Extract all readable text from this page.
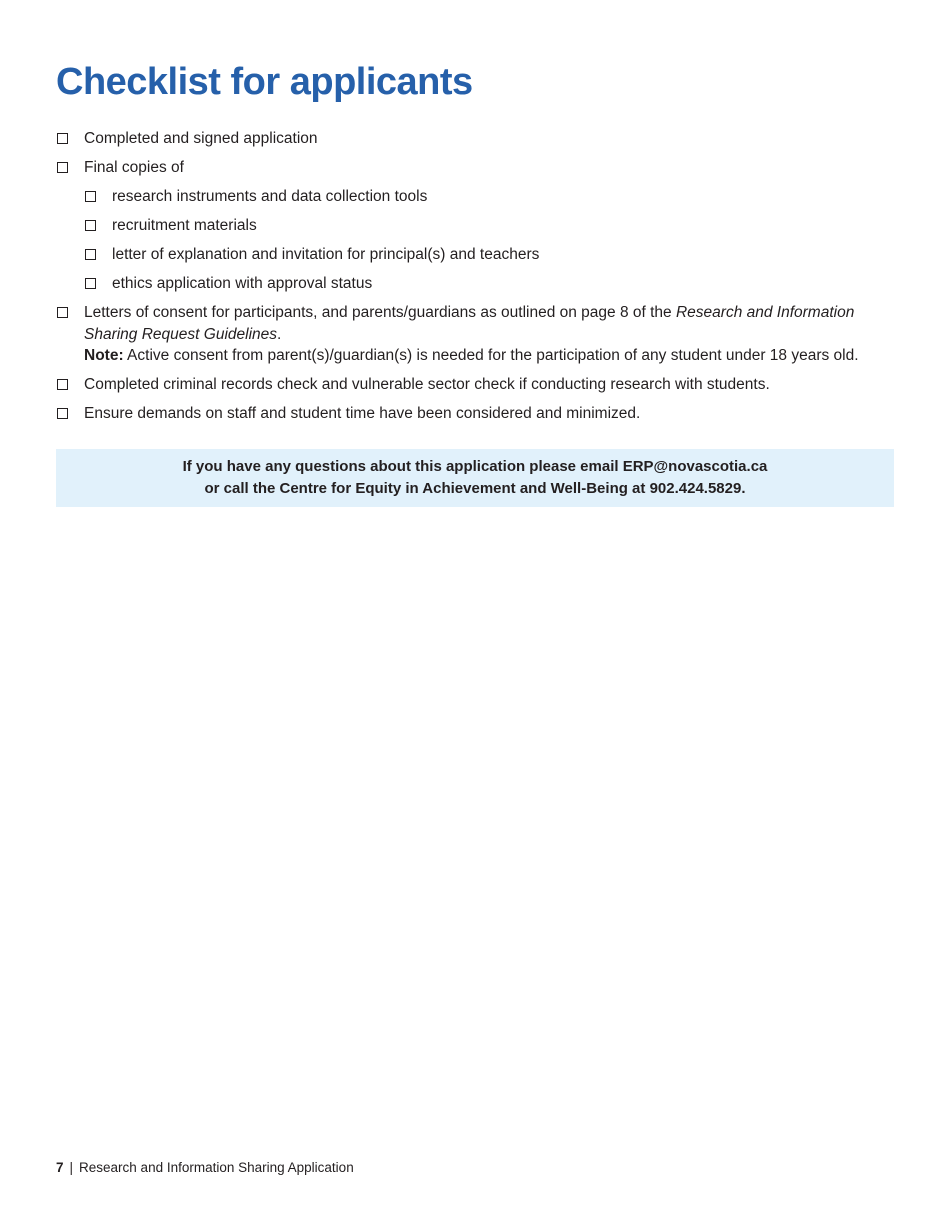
Checklist for applicants
Completed and signed application
Final copies of
research instruments and data collection tools
recruitment materials
letter of explanation and invitation for principal(s) and teachers
ethics application with approval status
Letters of consent for participants, and parents/guardians as outlined on page 8 of the Research and Information Sharing Request Guidelines.
Note: Active consent from parent(s)/guardian(s) is needed for the participation of any student under 18 years old.
Completed criminal records check and vulnerable sector check if conducting research with students.
Ensure demands on staff and student time have been considered and minimized.
If you have any questions about this application please email ERP@novascotia.ca
or call the Centre for Equity in Achievement and Well-Being at 902.424.5829.
7 | Research and Information Sharing Application
